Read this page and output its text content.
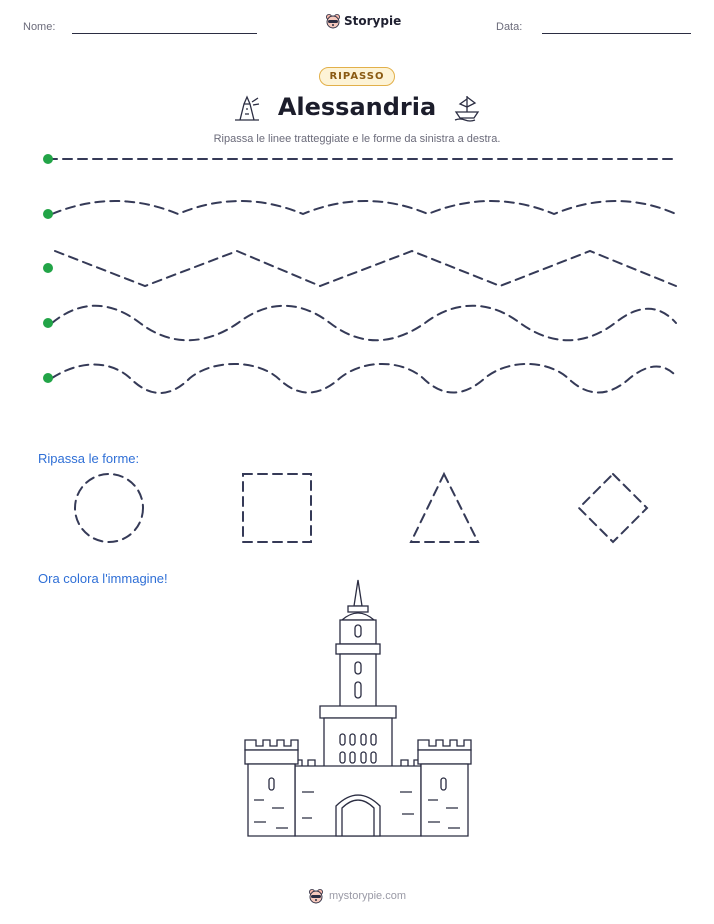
Nome:	Storypie	Data:
RIPASSO
Alessandria
Ripassa le linee tratteggiate e le forme da sinistra a destra.
Ripassa le forme:
Ora colora l'immagine!
mystorypie.com
